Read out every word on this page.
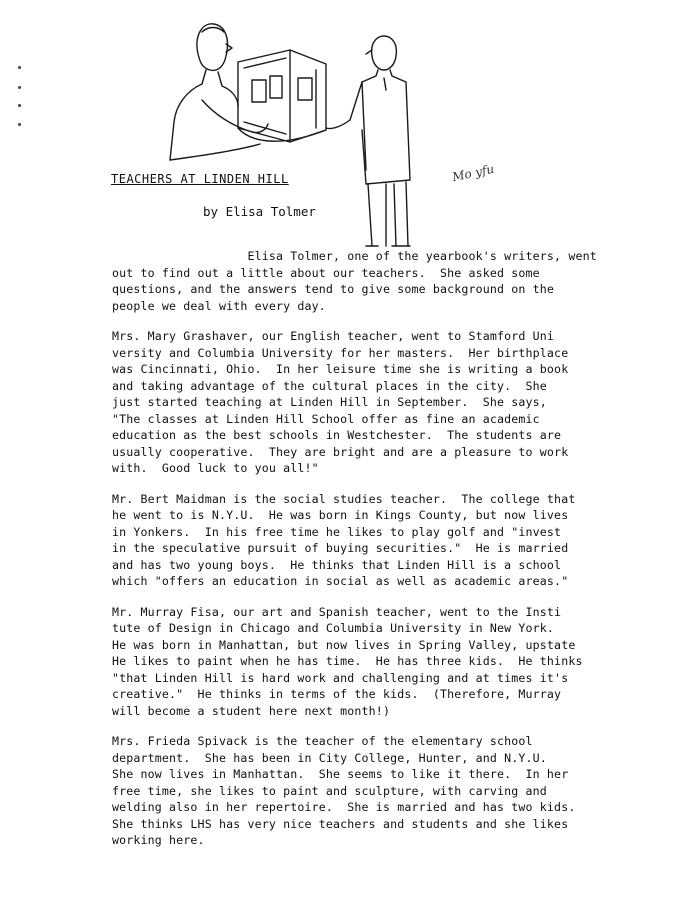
Mo yfu
TEACHERS AT LINDEN HILL
by Elisa Tolmer
Elisa Tolmer, one of the yearbook's writers, went
out to find out a little about our teachers.  She asked some
questions, and the answers tend to give some background on the
people we deal with every day.
Mrs. Mary Grashaver, our English teacher, went to Stamford Uni
versity and Columbia University for her masters.  Her birthplace
was Cincinnati, Ohio.  In her leisure time she is writing a book
and taking advantage of the cultural places in the city.  She
just started teaching at Linden Hill in September.  She says,
"The classes at Linden Hill School offer as fine an academic
education as the best schools in Westchester.  The students are
usually cooperative.  They are bright and are a pleasure to work
with.  Good luck to you all!"
Mr. Bert Maidman is the social studies teacher.  The college that
he went to is N.Y.U.  He was born in Kings County, but now lives
in Yonkers.  In his free time he likes to play golf and "invest
in the speculative pursuit of buying securities."  He is married
and has two young boys.  He thinks that Linden Hill is a school
which "offers an education in social as well as academic areas."
Mr. Murray Fisa, our art and Spanish teacher, went to the Insti
tute of Design in Chicago and Columbia University in New York.
He was born in Manhattan, but now lives in Spring Valley, upstate
He likes to paint when he has time.  He has three kids.  He thinks
"that Linden Hill is hard work and challenging and at times it's
creative."  He thinks in terms of the kids.  (Therefore, Murray
will become a student here next month!)
Mrs. Frieda Spivack is the teacher of the elementary school
department.  She has been in City College, Hunter, and N.Y.U.
She now lives in Manhattan.  She seems to like it there.  In her
free time, she likes to paint and sculpture, with carving and
welding also in her repertoire.  She is married and has two kids.
She thinks LHS has very nice teachers and students and she likes
working here.
